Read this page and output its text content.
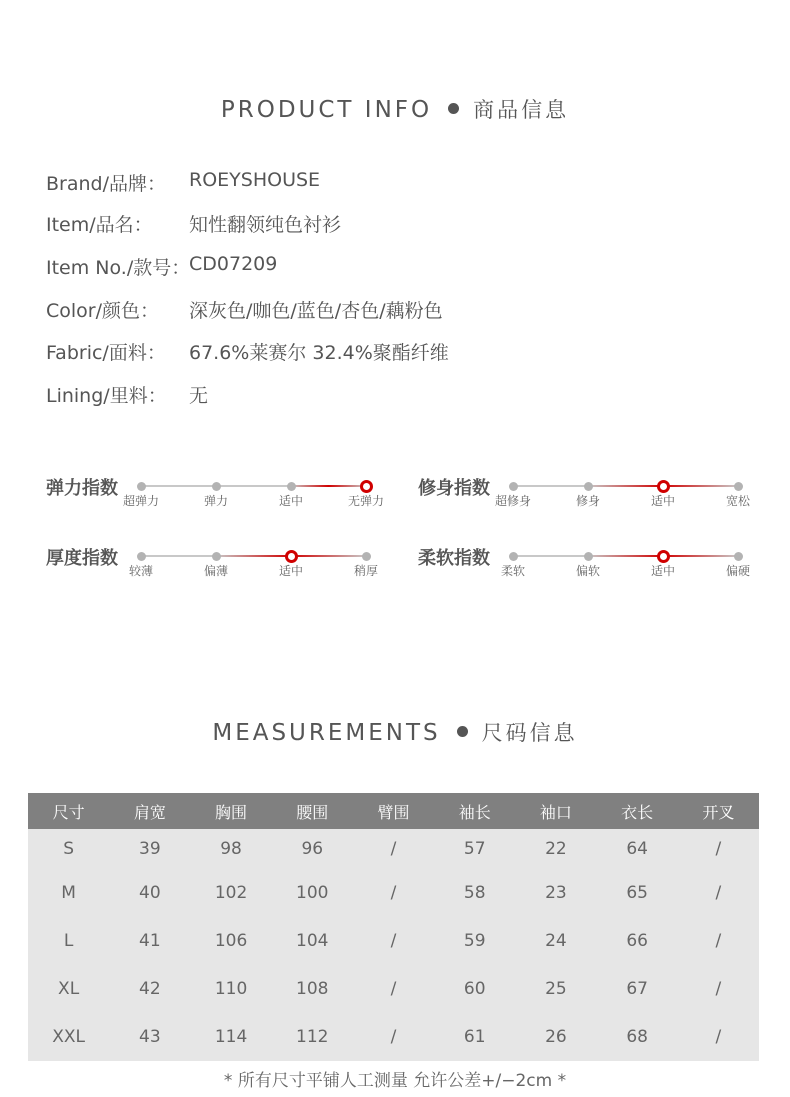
PRODUCT INFO 商品信息
Brand/品牌： ROEYSHOUSE
Item/品名： 知性翻领纯色衬衫
Item No./款号：
CD07209
Color/颜色： 深灰色/咖色/蓝色/杏色/藕粉色
Fabric/面料： 67.6%莱赛尔 32.4%聚酯纤维
Lining/里料： 无
弹力指数
超弹力	弹力	适中	无弹力
修身指数
超修身	修身	适中	宽松
厚度指数
较薄	偏薄	适中	稍厚
柔软指数
柔软	偏软	适中	偏硬
MEASUREMENTS 尺码信息
尺寸	肩宽	胸围	腰围	臂围	袖长	袖口	衣长	开叉
S	39	98	96	/	57	22	64	/
M	40	102	100	/	58	23	65	/
L	41	106	104	/	59	24	66	/
XL	42	110	108	/	60	25	67	/
XXL	43	114	112	/	61	26	68	/
* 所有尺寸平铺人工测量 允许公差+/−2cm *
